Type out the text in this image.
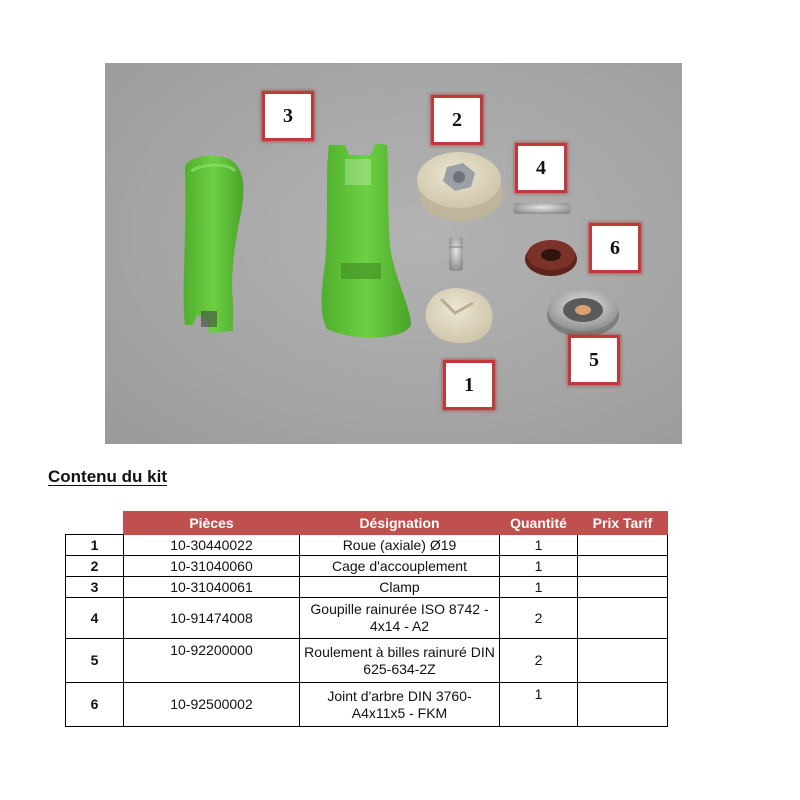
3	2
4
6
5
1
Contenu du kit
	Pièces	Désignation	Quantité	Prix Tarif
1	10-30440022	Roue (axiale) Ø19	1	
2	10-31040060	Cage d'accouplement	1	
3	10-31040061	Clamp	1	
4	10-91474008	Goupille rainurée ISO 8742 - 4x14 - A2	2	
5	10-92200000	Roulement à billes rainuré DIN 625-634-2Z	2	
6	10-92500002	Joint d'arbre DIN 3760-A4x11x5 - FKM	1	
